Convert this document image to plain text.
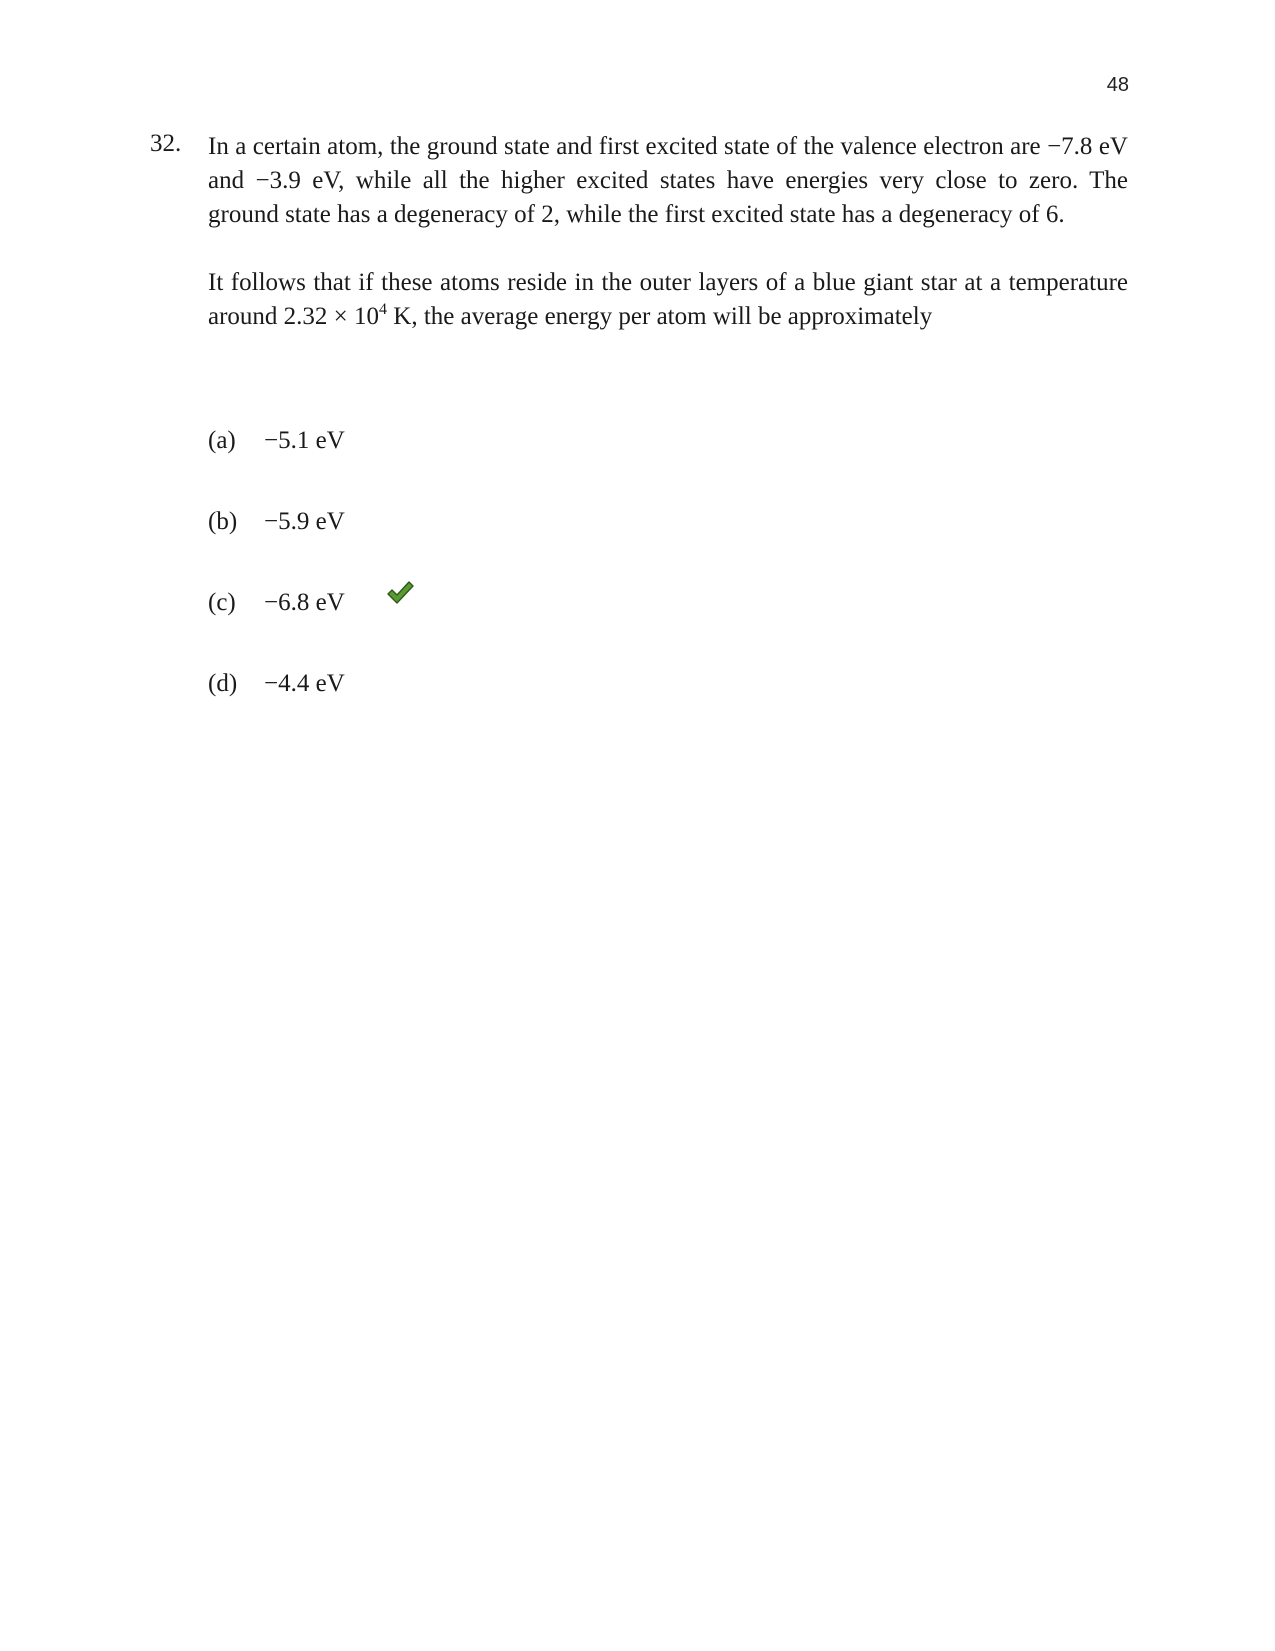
48
32. In a certain atom, the ground state and first excited state of the valence electron are −7.8 eV and −3.9 eV, while all the higher excited states have energies very close to zero. The ground state has a degeneracy of 2, while the first excited state has a degeneracy of 6.

It follows that if these atoms reside in the outer layers of a blue giant star at a temperature around $2.32 \times 10^4$ K, the average energy per atom will be approximately

(a) −5.1 eV
(b) −5.9 eV
(c) −6.8 eV
(d) −4.4 eV
